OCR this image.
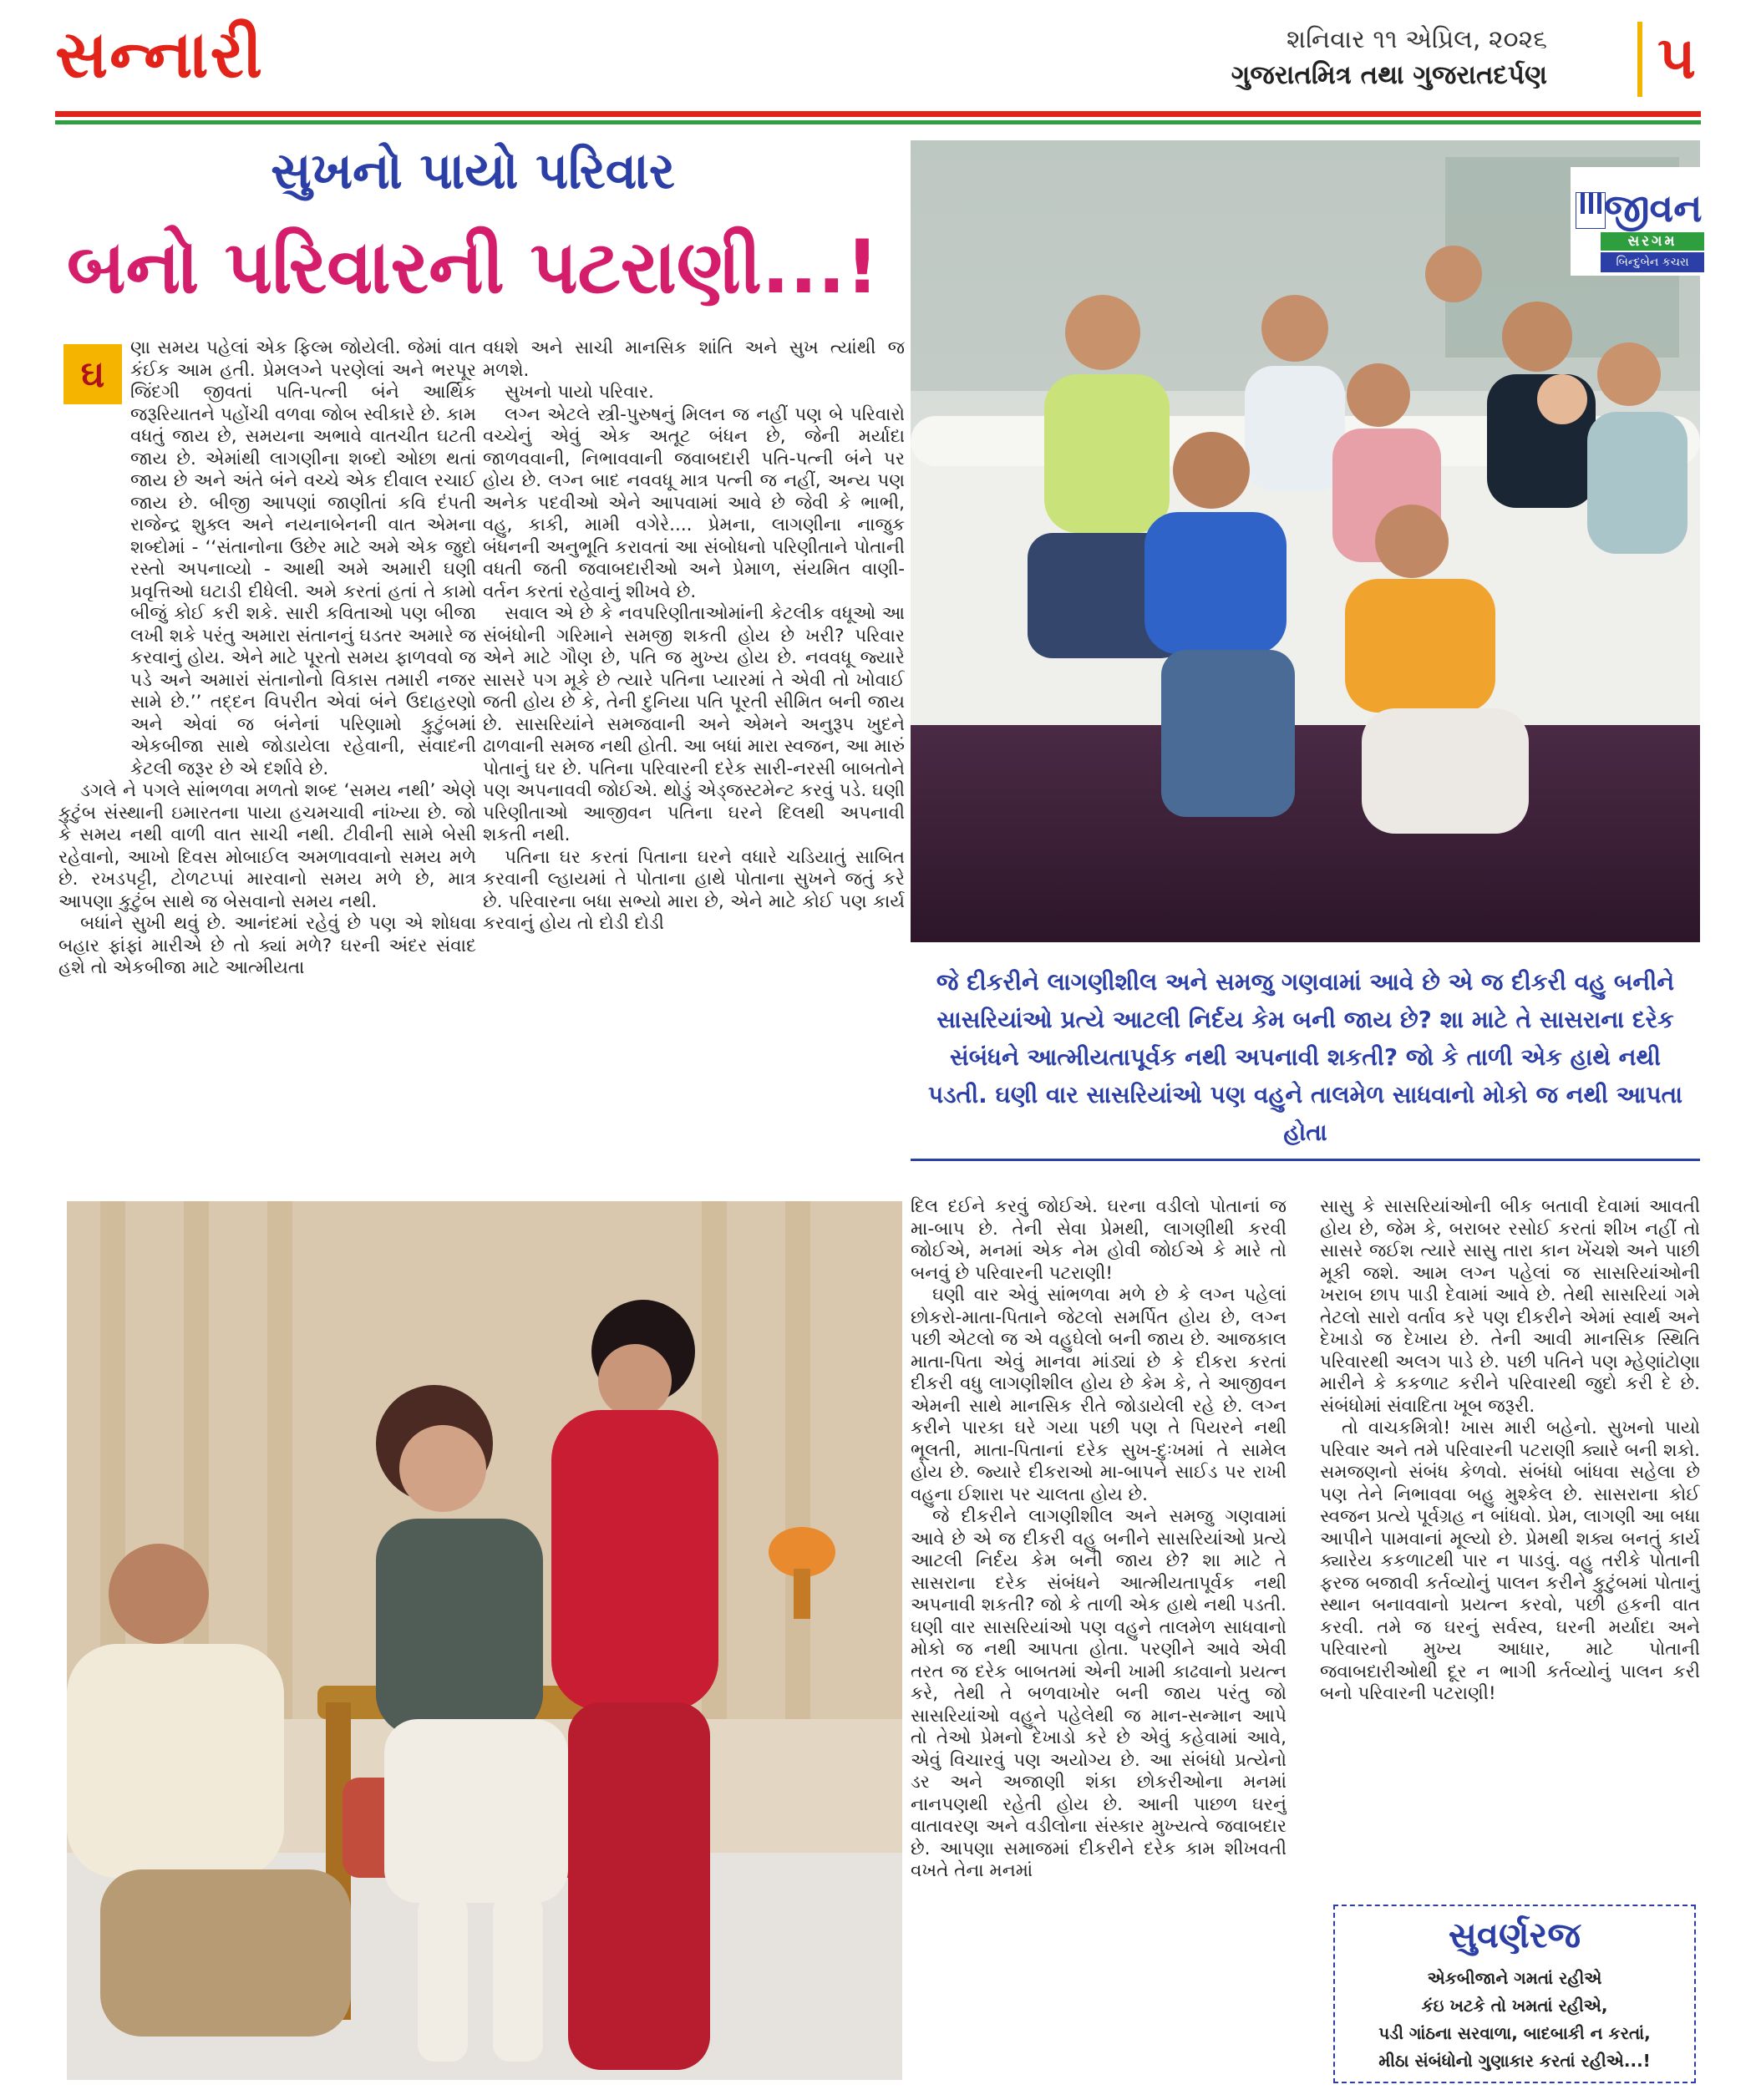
સન્નારી	શનિવાર ૧૧ એપ્રિલ, ૨૦૨૬
ગુજરાતમિત્ર તથા ગુજરાતદર્પણ ૫
સુખનો પાયો પરિવાર
બનો પરિવારની પટરાણી...!
ઘ

ણા સમય પહેલાં એક ફિલ્મ જોયેલી. જેમાં વાત કંઈક આમ હતી. પ્રેમલગ્ને પરણેલાં અને ભરપૂર જિંદગી જીવતાં પતિ-પત્ની બંને આર્થિક જરૂરિયાતને પહોંચી વળવા જોબ સ્વીકારે છે. કામ વધતું જાય છે, સમયના અભાવે વાતચીત ઘટતી જાય છે. એમાંથી લાગણીના શબ્દો ઓછા થતાં જાય છે અને અંતે બંને વચ્ચે એક દીવાલ રચાઈ જાય છે. બીજી આપણાં જાણીતાં કવિ દંપતી રાજેન્દ્ર શુક્લ અને નયનાબેનની વાત એમના શબ્દોમાં - ‘‘સંતાનોના ઉછેર માટે અમે એક જુદો રસ્તો અપનાવ્યો - આથી અમે અમારી ઘણી પ્રવૃત્તિઓ ઘટાડી દીધેલી. અમે કરતાં હતાં તે કામો બીજું કોઈ કરી શકે. સારી કવિતાઓ પણ બીજા લખી શકે પરંતુ અમારા સંતાનનું ઘડતર અમારે જ કરવાનું હોય. એને માટે પૂરતો સમય ફાળવવો જ પડે અને અમારાં સંતાનોનો વિકાસ તમારી નજર સામે છે.’’ તદ્દન વિપરીત એવાં બંને ઉદાહરણો અને એવાં જ બંનેનાં પરિણામો કુટુંબમાં એકબીજા સાથે જોડાયેલા રહેવાની, સંવાદની કેટલી જરૂર છે એ દર્શાવે છે.

ડગલે ને પગલે સાંભળવા મળતો શબ્દ ‘સમય નથી’ એણે કુટુંબ સંસ્થાની ઇમારતના પાયા હચમચાવી નાંખ્યા છે. જો કે સમય નથી વાળી વાત સાચી નથી. ટીવીની સામે બેસી રહેવાનો, આખો દિવસ મોબાઈલ અમળાવવાનો સમય મળે છે. રખડપટ્ટી, ટોળટપ્પાં મારવાનો સમય મળે છે, માત્ર આપણા કુટુંબ સાથે જ બેસવાનો સમય નથી.

બધાંને સુખી થવું છે. આનંદમાં રહેવું છે પણ એ શોધવા બહાર ફાંફાં મારીએ છે તો ક્યાં મળે? ઘરની અંદર સંવાદ હશે તો એકબીજા માટે આત્મીયતા

વધશે અને સાચી માનસિક શાંતિ અને સુખ ત્યાંથી જ મળશે.

સુખનો પાયો પરિવાર.

લગ્ન એટલે સ્ત્રી-પુરુષનું મિલન જ નહીં પણ બે પરિવારો વચ્ચેનું એવું એક અતૂટ બંધન છે, જેની મર્યાદા જાળવવાની, નિભાવવાની જવાબદારી પતિ-પત્ની બંને પર હોય છે. લગ્ન બાદ નવવધૂ માત્ર પત્ની જ નહીં, અન્ય પણ અનેક પદવીઓ એને આપવામાં આવે છે જેવી કે ભાભી, વહુ, કાકી, મામી વગેરે.... પ્રેમના, લાગણીના નાજુક બંધનની અનુભૂતિ કરાવતાં આ સંબોધનો પરિણીતાને પોતાની વધતી જતી જવાબદારીઓ અને પ્રેમાળ, સંયમિત વાણી-વર્તન કરતાં રહેવાનું શીખવે છે.

સવાલ એ છે કે નવપરિણીતાઓમાંની કેટલીક વધૂઓ આ સંબંધોની ગરિમાને સમજી શકતી હોય છે ખરી? પરિવાર એને માટે ગૌણ છે, પતિ જ મુખ્ય હોય છે. નવવધૂ જ્યારે સાસરે પગ મૂકે છે ત્યારે પતિના પ્યારમાં તે એવી તો ખોવાઈ જતી હોય છે કે, તેની દુનિયા પતિ પૂરતી સીમિત બની જાય છે. સાસરિયાંને સમજવાની અને એમને અનુરૂપ ખુદને ઢાળવાની સમજ નથી હોતી. આ બધાં મારા સ્વજન, આ મારું પોતાનું ઘર છે. પતિના પરિવારની દરેક સારી-નરસી બાબતોને પણ અપનાવવી જોઈએ. થોડું એડ્જસ્ટમેન્ટ કરવું પડે. ઘણી પરિણીતાઓ આજીવન પતિના ઘરને દિલથી અપનાવી શકતી નથી.

પતિના ઘર કરતાં પિતાના ઘરને વધારે ચડિયાતું સાબિત કરવાની લ્હાયમાં તે પોતાના હાથે પોતાના સુખને જતું કરે છે. પરિવારના બધા સભ્યો મારા છે, એને માટે કોઈ પણ કાર્ય કરવાનું હોય તો દોડી દોડી

જીવન
સરગમ
બિન્દુબેન કચરા
જે દીકરીને લાગણીશીલ અને સમજુ ગણવામાં આવે છે એ જ દીકરી વહુ બનીને સાસરિયાંઓ પ્રત્યે આટલી નિર્દય કેમ બની જાય છે? શા માટે તે સાસરાના દરેક સંબંધને આત્મીયતાપૂર્વક નથી અપનાવી શકતી? જો કે તાળી એક હાથે નથી પડતી. ઘણી વાર સાસરિયાંઓ પણ વહુને તાલમેળ સાધવાનો મોકો જ નથી આપતા હોતા

દિલ દઈને કરવું જોઈએ. ઘરના વડીલો પોતાનાં જ મા-બાપ છે. તેની સેવા પ્રેમથી, લાગણીથી કરવી જોઈએ, મનમાં એક નેમ હોવી જોઈએ કે મારે તો બનવું છે પરિવારની પટરાણી!

ઘણી વાર એવું સાંભળવા મળે છે કે લગ્ન પહેલાં છોકરો-માતા-પિતાને જેટલો સમર્પિત હોય છે, લગ્ન પછી એટલો જ એ વહુઘેલો બની જાય છે. આજકાલ માતા-પિતા એવું માનવા માંડ્યાં છે કે દીકરા કરતાં દીકરી વધુ લાગણીશીલ હોય છે કેમ કે, તે આજીવન એમની સાથે માનસિક રીતે જોડાયેલી રહે છે. લગ્ન કરીને પારકા ઘરે ગયા પછી પણ તે પિયરને નથી ભૂલતી, માતા-પિતાનાં દરેક સુખ-દુઃખમાં તે સામેલ હોય છે. જ્યારે દીકરાઓ મા-બાપને સાઈડ પર રાખી વહુના ઈશારા પર ચાલતા હોય છે.

જે દીકરીને લાગણીશીલ અને સમજુ ગણવામાં આવે છે એ જ દીકરી વહુ બનીને સાસરિયાંઓ પ્રત્યે આટલી નિર્દય કેમ બની જાય છે? શા માટે તે સાસરાના દરેક સંબંધને આત્મીયતાપૂર્વક નથી અપનાવી શકતી? જો કે તાળી એક હાથે નથી પડતી. ઘણી વાર સાસરિયાંઓ પણ વહુને તાલમેળ સાધવાનો મોકો જ નથી આપતા હોતા. પરણીને આવે એવી તરત જ દરેક બાબતમાં એની ખામી કાઢવાનો પ્રયત્ન કરે, તેથી તે બળવાખોર બની જાય પરંતુ જો સાસરિયાંઓ વહુને પહેલેથી જ માન-સન્માન આપે તો તેઓ પ્રેમનો દેખાડો કરે છે એવું કહેવામાં આવે, એવું વિચારવું પણ અયોગ્ય છે. આ સંબંધો પ્રત્યેનો ડર અને અજાણી શંકા છોકરીઓના મનમાં નાનપણથી રહેતી હોય છે. આની પાછળ ઘરનું વાતાવરણ અને વડીલોના સંસ્કાર મુખ્યત્વે જવાબદાર છે. આપણા સમાજમાં દીકરીને દરેક કામ શીખવતી વખતે તેના મનમાં

સાસુ કે સાસરિયાંઓની બીક બતાવી દેવામાં આવતી હોય છે, જેમ કે, બરાબર રસોઈ કરતાં શીખ નહીં તો સાસરે જઈશ ત્યારે સાસુ તારા કાન ખેંચશે અને પાછી મૂકી જશે. આમ લગ્ન પહેલાં જ સાસરિયાંઓની ખરાબ છાપ પાડી દેવામાં આવે છે. તેથી સાસરિયાં ગમે તેટલો સારો વર્તાવ કરે પણ દીકરીને એમાં સ્વાર્થ અને દેખાડો જ દેખાય છે. તેની આવી માનસિક સ્થિતિ પરિવારથી અલગ પાડે છે. પછી પતિને પણ મ્હેણાંટોણા મારીને કે કકળાટ કરીને પરિવારથી જુદો કરી દે છે. સંબંધોમાં સંવાદિતા ખૂબ જરૂરી.

તો વાચકમિત્રો! ખાસ મારી બહેનો. સુખનો પાયો પરિવાર અને તમે પરિવારની પટરાણી ક્યારે બની શકો. સમજણનો સંબંધ કેળવો. સંબંધો બાંધવા સહેલા છે પણ તેને નિભાવવા બહુ મુશ્કેલ છે. સાસરાના કોઈ સ્વજન પ્રત્યે પૂર્વગ્રહ ન બાંધવો. પ્રેમ, લાગણી આ બધા આપીને પામવાનાં મૂલ્યો છે. પ્રેમથી શક્ય બનતું કાર્ય ક્યારેય કકળાટથી પાર ન પાડવું. વહુ તરીકે પોતાની ફરજ બજાવી કર્તવ્યોનું પાલન કરીને કુટુંબમાં પોતાનું સ્થાન બનાવવાનો પ્રયત્ન કરવો, પછી હકની વાત કરવી. તમે જ ઘરનું સર્વસ્વ, ઘરની મર્યાદા અને પરિવારનો મુખ્ય આધાર, માટે પોતાની જવાબદારીઓથી દૂર ન ભાગી કર્તવ્યોનું પાલન કરી બનો પરિવારની પટરાણી!

સુવર્ણરજ
એકબીજાને ગમતાં રહીએ
કંઇ ખટકે તો ખમતાં રહીએ,
પડી ગાંઠના સરવાળા, બાદબાકી ન કરતાં,
મીઠા સંબંધોનો ગુણાકાર કરતાં રહીએ...!
